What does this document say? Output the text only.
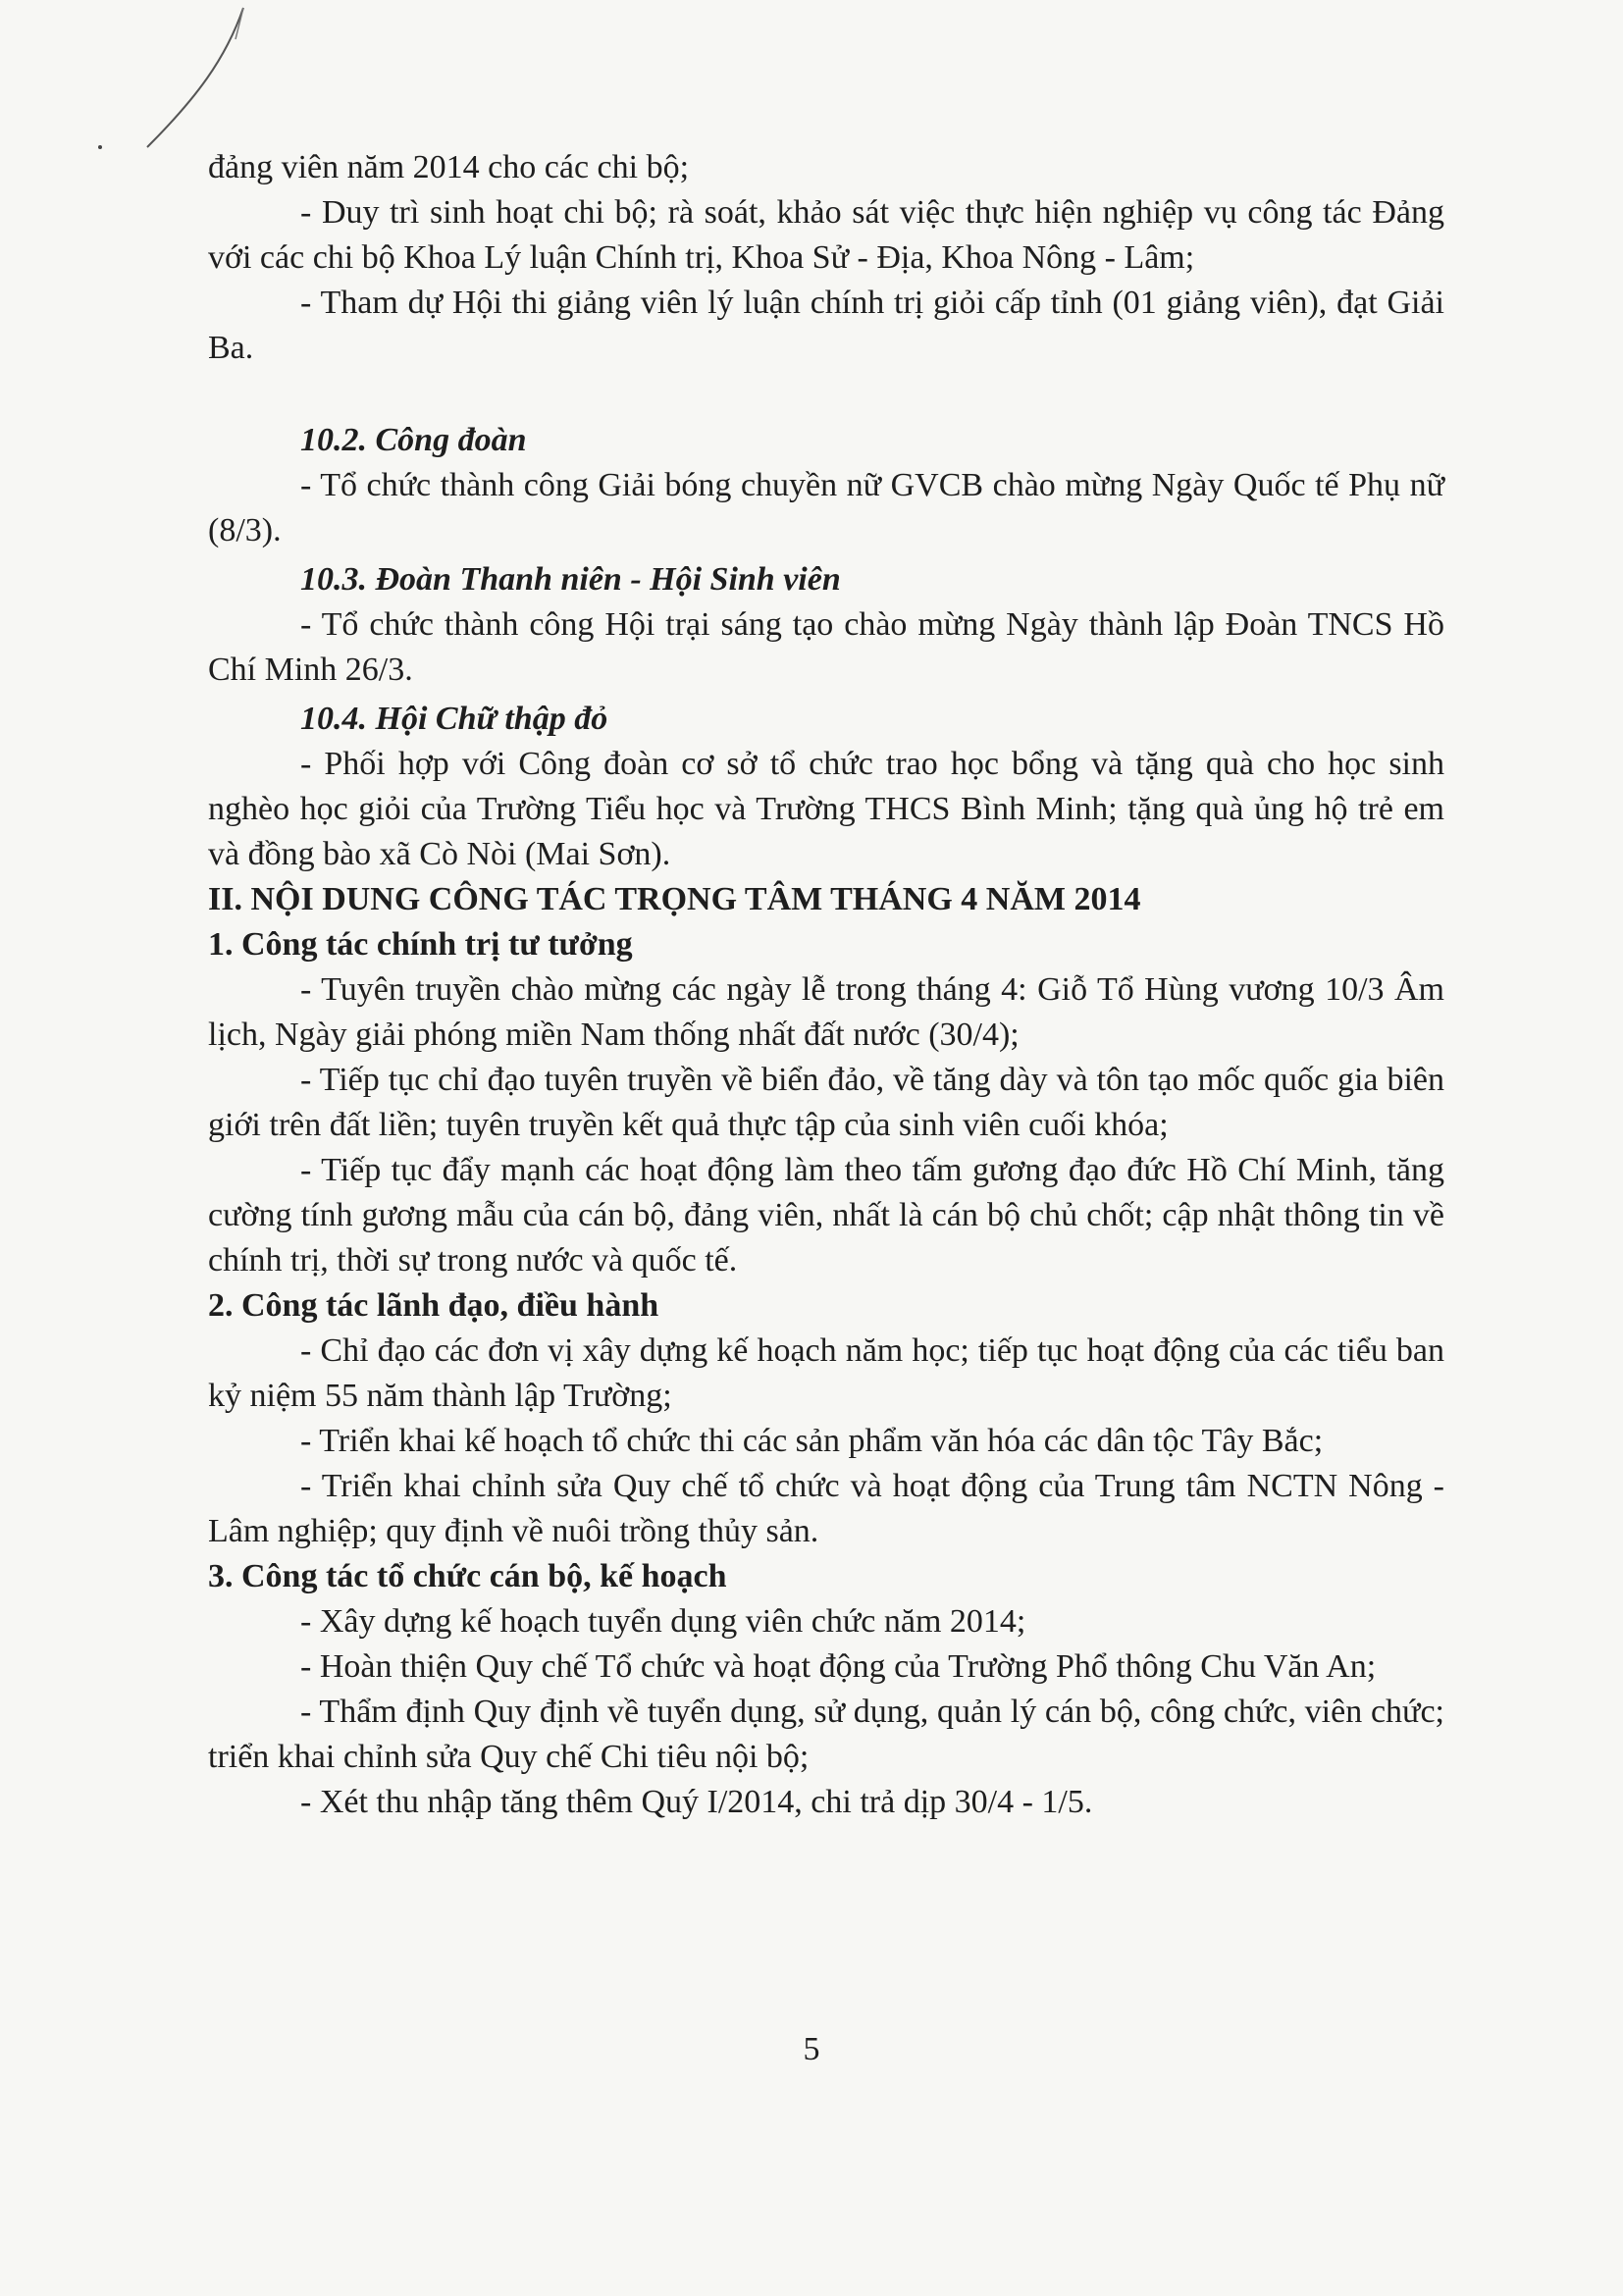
đảng viên năm 2014 cho các chi bộ;

- Duy trì sinh hoạt chi bộ; rà soát, khảo sát việc thực hiện nghiệp vụ công tác Đảng với các chi bộ Khoa Lý luận Chính trị, Khoa Sử - Địa, Khoa Nông - Lâm;

- Tham dự Hội thi giảng viên lý luận chính trị giỏi cấp tỉnh (01 giảng viên), đạt Giải Ba.

10.2. Công đoàn

- Tổ chức thành công Giải bóng chuyền nữ GVCB chào mừng Ngày Quốc tế Phụ nữ (8/3).

10.3. Đoàn Thanh niên - Hội Sinh viên

- Tổ chức thành công Hội trại sáng tạo chào mừng Ngày thành lập Đoàn TNCS Hồ Chí Minh 26/3.

10.4. Hội Chữ thập đỏ

- Phối hợp với Công đoàn cơ sở tổ chức trao học bổng và tặng quà cho học sinh nghèo học giỏi của Trường Tiểu học và Trường THCS Bình Minh; tặng quà ủng hộ trẻ em và đồng bào xã Cò Nòi (Mai Sơn).

II. NỘI DUNG CÔNG TÁC TRỌNG TÂM THÁNG 4 NĂM 2014

1. Công tác chính trị tư tưởng

- Tuyên truyền chào mừng các ngày lễ trong tháng 4: Giỗ Tổ Hùng vương 10/3 Âm lịch, Ngày giải phóng miền Nam thống nhất đất nước (30/4);

- Tiếp tục chỉ đạo tuyên truyền về biển đảo, về tăng dày và tôn tạo mốc quốc gia biên giới trên đất liền; tuyên truyền kết quả thực tập của sinh viên cuối khóa;

- Tiếp tục đẩy mạnh các hoạt động làm theo tấm gương đạo đức Hồ Chí Minh, tăng cường tính gương mẫu của cán bộ, đảng viên, nhất là cán bộ chủ chốt; cập nhật thông tin về chính trị, thời sự trong nước và quốc tế.

2. Công tác lãnh đạo, điều hành

- Chỉ đạo các đơn vị xây dựng kế hoạch năm học; tiếp tục hoạt động của các tiểu ban kỷ niệm 55 năm thành lập Trường;

- Triển khai kế hoạch tổ chức thi các sản phẩm văn hóa các dân tộc Tây Bắc;

- Triển khai chỉnh sửa Quy chế tổ chức và hoạt động của Trung tâm NCTN Nông - Lâm nghiệp; quy định về nuôi trồng thủy sản.

3. Công tác tổ chức cán bộ, kế hoạch

- Xây dựng kế hoạch tuyển dụng viên chức năm 2014;

- Hoàn thiện Quy chế Tổ chức và hoạt động của Trường Phổ thông Chu Văn An;

- Thẩm định Quy định về tuyển dụng, sử dụng, quản lý cán bộ, công chức, viên chức; triển khai chỉnh sửa Quy chế Chi tiêu nội bộ;

- Xét thu nhập tăng thêm Quý I/2014, chi trả dịp 30/4 - 1/5.

5
